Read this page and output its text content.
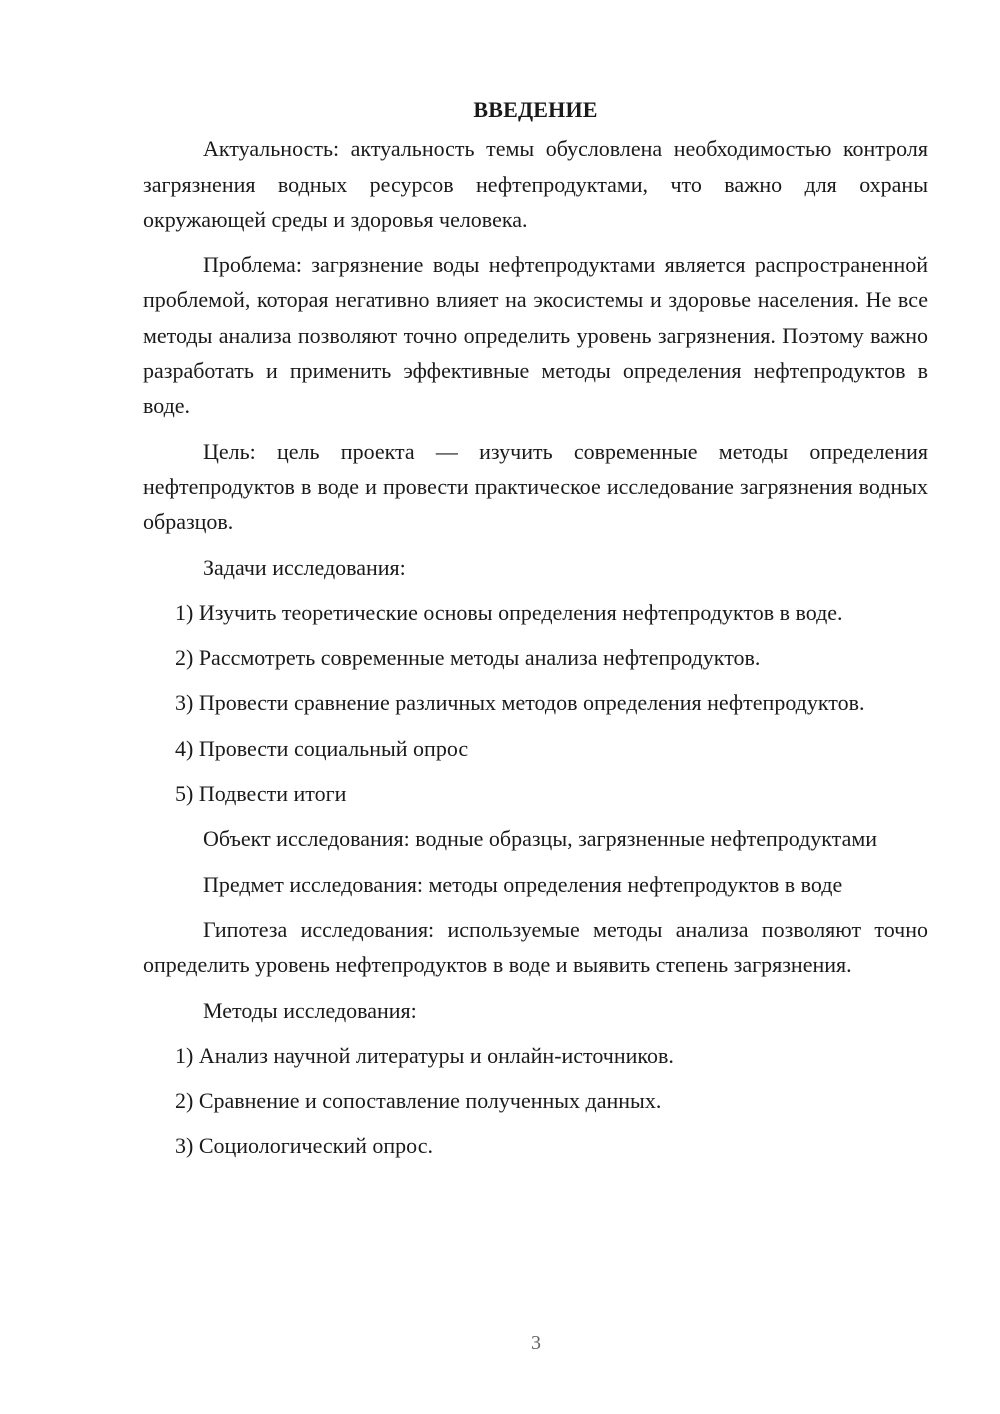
ВВЕДЕНИЕ

Актуальность: актуальность темы обусловлена необходимостью контроля загрязнения водных ресурсов нефтепродуктами, что важно для охраны окружающей среды и здоровья человека.

Проблема: загрязнение воды нефтепродуктами является распространенной проблемой, которая негативно влияет на экосистемы и здоровье населения. Не все методы анализа позволяют точно определить уровень загрязнения. Поэтому важно разработать и применить эффективные методы определения нефтепродуктов в воде.

Цель: цель проекта — изучить современные методы определения нефтепродуктов в воде и провести практическое исследование загрязнения водных образцов.

Задачи исследования:

1) Изучить теоретические основы определения нефтепродуктов в воде.

2) Рассмотреть современные методы анализа нефтепродуктов.

3) Провести сравнение различных методов определения нефтепродуктов.

4) Провести социальный опрос

5) Подвести итоги

Объект исследования: водные образцы, загрязненные нефтепродуктами

Предмет исследования: методы определения нефтепродуктов в воде

Гипотеза исследования: используемые методы анализа позволяют точно определить уровень нефтепродуктов в воде и выявить степень загрязнения.

Методы исследования:

1) Анализ научной литературы и онлайн-источников.

2) Сравнение и сопоставление полученных данных.

3) Социологический опрос.

3
